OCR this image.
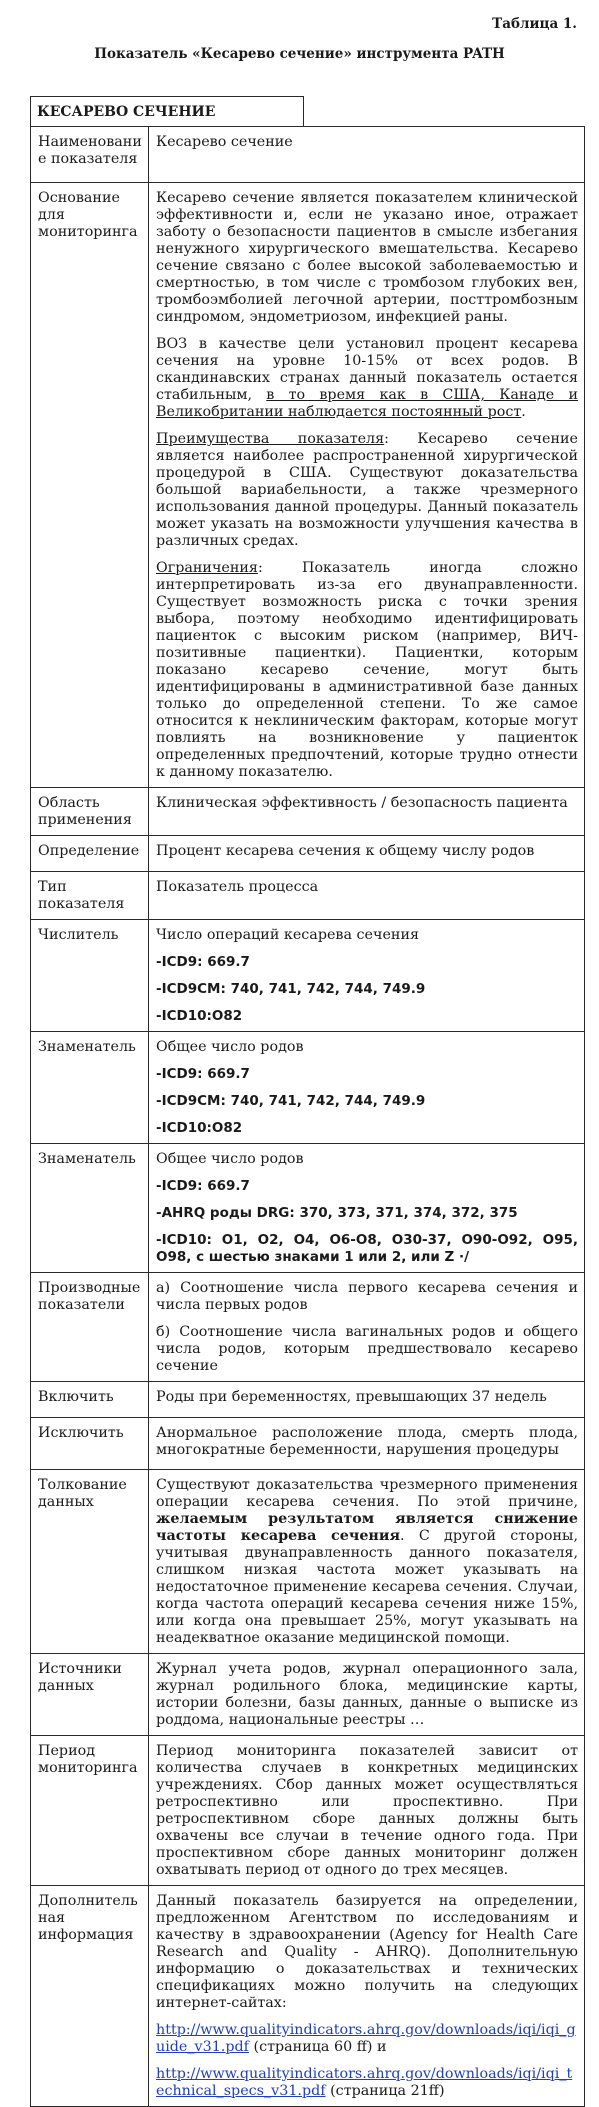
Таблица 1.
Показатель «Кесарево сечение» инструмента PATH
КЕСАРЕВО СЕЧЕНИЕ
Наименование показателя	Кесарево сечение
Основание для мониторинга	Кесарево сечение является показателем клинической эффективности и, если не указано иное, отражает заботу о безопасности пациентов в смысле избегания ненужного хирургического вмешательства. Кесарево сечение связано с более высокой заболеваемостью и смертностью, в том числе с тромбозом глубоких вен, тромбоэмболией легочной артерии, посттромбозным синдромом, эндометриозом, инфекцией раны.

ВОЗ в качестве цели установил процент кесарева сечения на уровне 10-15% от всех родов. В скандинавских странах данный показатель остается стабильным, в то время как в США, Канаде и Великобритании наблюдается постоянный рост.

Преимущества показателя: Кесарево сечение является наиболее распространенной хирургической процедурой в США. Существуют доказательства большой вариабельности, а также чрезмерного использования данной процедуры. Данный показатель может указать на возможности улучшения качества в различных средах.

Ограничения: Показатель иногда сложно интерпретировать из-за его двунаправленности. Существует возможность риска с точки зрения выбора, поэтому необходимо идентифицировать пациенток с высоким риском (например, ВИЧ-позитивные пациентки). Пациентки, которым показано кесарево сечение, могут быть идентифицированы в административной базе данных только до определенной степени. То же самое относится к неклиническим факторам, которые могут повлиять на возникновение у пациенток определенных предпочтений, которые трудно отнести к данному показателю.

Область применения	Клиническая эффективность / безопасность пациента
Определение	Процент кесарева сечения к общему числу родов
Тип показателя	Показатель процесса
Числитель	Число операций кесарева сечения

-ICD9: 669.7

-ICD9CM: 740, 741, 742, 744, 749.9

-ICD10:O82

Знаменатель	Общее число родов

-ICD9: 669.7

-ICD9CM: 740, 741, 742, 744, 749.9

-ICD10:O82

Знаменатель	Общее число родов

-ICD9: 669.7

-AHRQ роды DRG: 370, 373, 371, 374, 372, 375

-ICD10: O1, O2, O4, O6-O8, O30-37, O90-O92, O95, O98, с шестью знаками 1 или 2, или Z ·/

Производные показатели	а) Соотношение числа первого кесарева сечения и числа первых родов

б) Соотношение числа вагинальных родов и общего числа родов, которым предшествовало кесарево сечение

Включить	Роды при беременностях, превышающих 37 недель
Исключить	Анормальное расположение плода, смерть плода, многократные беременности, нарушения процедуры
Толкование данных	Существуют доказательства чрезмерного применения операции кесарева сечения. По этой причине, желаемым результатом является снижение частоты кесарева сечения. С другой стороны, учитывая двунаправленность данного показателя, слишком низкая частота может указывать на недостаточное применение кесарева сечения. Случаи, когда частота операций кесарева сечения ниже 15%, или когда она превышает 25%, могут указывать на неадекватное оказание медицинской помощи.

Источники данных	Журнал учета родов, журнал операционного зала, журнал родильного блока, медицинские карты, истории болезни, базы данных, данные о выписке из роддома, национальные реестры …
Период мониторинга	Период мониторинга показателей зависит от количества случаев в конкретных медицинских учреждениях. Сбор данных может осуществляться ретроспективно или проспективно. При ретроспективном сборе данных должны быть охвачены все случаи в течение одного года. При проспективном сборе данных мониторинг должен охватывать период от одного до трех месяцев.
Дополнительная информация	Данный показатель базируется на определении, предложенном Агентством по исследованиям и качеству в здравоохранении (Agency for Health Care Research and Quality - AHRQ). Дополнительную информацию о доказательствах и технических спецификациях можно получить на следующих интернет-сайтах:

http://www.qualityindicators.ahrq.gov/downloads/iqi/iqi_guide_v31.pdf (страница 60 ff) и

http://www.qualityindicators.ahrq.gov/downloads/iqi/iqi_technical_specs_v31.pdf (страница 21ff)
